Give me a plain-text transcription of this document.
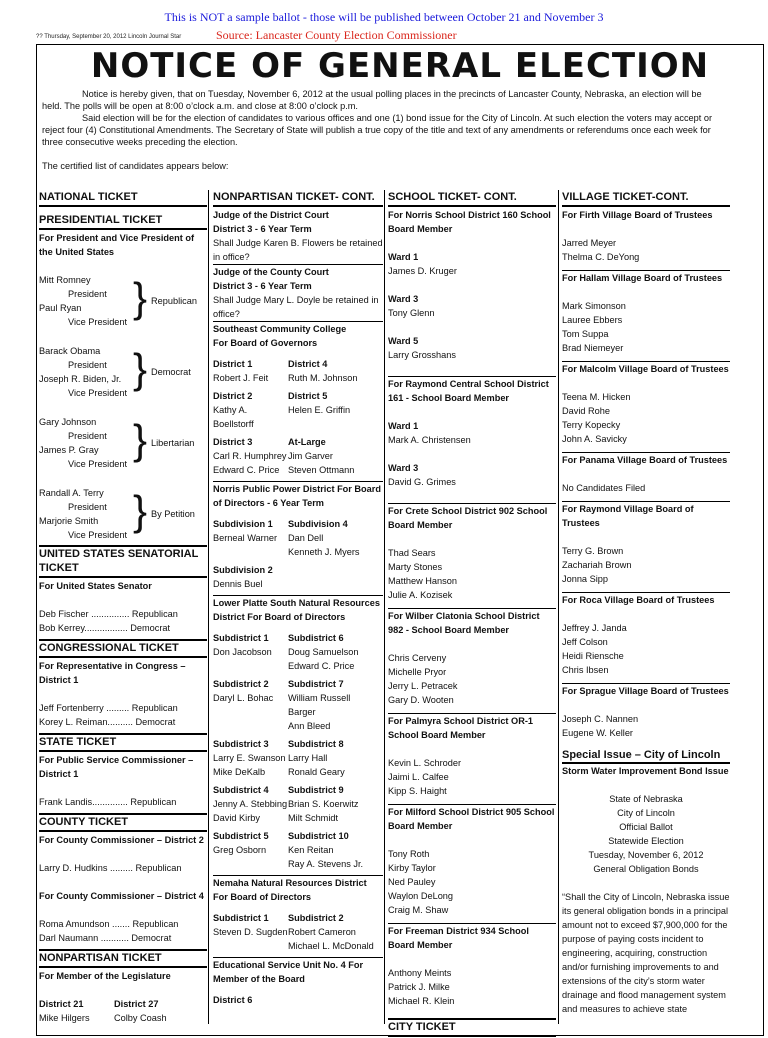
This is NOT a sample ballot - those will be published between October 21 and November 3
?? Thursday, September 20, 2012 Lincoln Journal Star	Source: Lancaster County Election Commissioner
NOTICE OF GENERAL ELECTION

Notice is hereby given, that on Tuesday, November 6, 2012 at the usual polling places in the precincts of Lancaster County, Nebraska, an election will be held. The polls will be open at 8:00 o’clock a.m. and close at 8:00 o’clock p.m.

Said election will be for the election of candidates to various offices and one (1) bond issue for the City of Lincoln. At such election the voters may accept or reject four (4) Constitutional Amendments. The Secretary of State will publish a true copy of the title and text of any amendments or referendums once each week for three consecutive weeks preceding the election.

The certified list of candidates appears below:

NATIONAL TICKET
PRESIDENTIAL TICKET
For President and Vice President of the United States
Mitt Romney
President
Paul Ryan
Vice President
} Republican
Barack Obama
President
Joseph R. Biden, Jr.
Vice President
} Democrat
Gary Johnson
President
James P. Gray
Vice President
} Libertarian
Randall A. Terry
President
Marjorie Smith
Vice President
} By Petition
UNITED STATES SENATORIAL TICKET
For United States Senator
Deb Fischer ............... Republican
Bob Kerrey................. Democrat
CONGRESSIONAL TICKET
For Representative in Congress – District 1
Jeff Fortenberry ......... Republican
Korey L. Reiman.......... Democrat
STATE TICKET
For Public Service Commissioner – District 1
Frank Landis.............. Republican
COUNTY TICKET
For County Commissioner – District 2
Larry D. Hudkins ......... Republican
For County Commissioner – District 4
Roma Amundson ....... Republican
Darl Naumann ........... Democrat
NONPARTISAN TICKET
For Member of the Legislature
District 21
Mike Hilgers
District 27
Colby Coash
NONPARTISAN TICKET- CONT.
Judge of the District Court
District 3 - 6 Year Term
Shall Judge Karen B. Flowers be retained in office?
Judge of the County Court
District 3 - 6 Year Term
Shall Judge Mary L. Doyle be retained in office?
Southeast Community College
For Board of Governors
District 1
Robert J. Feit
District 4
Ruth M. Johnson
District 2
Kathy A. Boellstorff
District 5
Helen E. Griffin
District 3
Carl R. Humphrey
Edward C. Price
At-Large
Jim Garver
Steven Ottmann
Norris Public Power District For Board of Directors - 6 Year Term
Subdivision 1
Berneal Warner
Subdivision 4
Dan Dell
Kenneth J. Myers
Subdivision 2
Dennis Buel
Lower Platte South Natural Resources District For Board of Directors
Subdistrict 1
Don Jacobson
Subdistrict 6
Doug Samuelson
Edward C. Price
Subdistrict 2
Daryl L. Bohac
Subdistrict 7
William Russell Barger
Ann Bleed
Subdistrict 3
Larry E. Swanson
Mike DeKalb
Subdistrict 8
Larry Hall
Ronald Geary
Subdistrict 4
Jenny A. Stebbing
David Kirby
Subdistrict 9
Brian S. Koerwitz
Milt Schmidt
Subdistrict 5
Greg Osborn
Subdistrict 10
Ken Reitan
Ray A. Stevens Jr.
Nemaha Natural Resources District For Board of Directors
Subdistrict 1
Steven D. Sugden
Subdistrict 2
Robert Cameron
Michael L. McDonald
Educational Service Unit No. 4 For Member of the Board
District 6
SCHOOL TICKET- CONT.
For Norris School District 160 School Board Member
Ward 1
James D. Kruger
Ward 3
Tony Glenn
Ward 5
Larry Grosshans
For Raymond Central School District 161 - School Board Member
Ward 1
Mark A. Christensen
Ward 3
David G. Grimes
For Crete School District 902 School Board Member
Thad Sears
Marty Stones
Matthew Hanson
Julie A. Kozisek
For Wilber Clatonia School District 982 - School Board Member
Chris Cerveny
Michelle Pryor
Jerry L. Petracek
Gary D. Wooten
For Palmyra School District OR-1 School Board Member
Kevin L. Schroder
Jaimi L. Calfee
Kipp S. Haight
For Milford School District 905 School Board Member
Tony Roth
Kirby Taylor
Ned Pauley
Waylon DeLong
Craig M. Shaw
For Freeman District 934 School Board Member
Anthony Meints
Patrick J. Milke
Michael R. Klein
CITY TICKET
VILLAGE TICKET-CONT.
For Firth Village Board of Trustees
Jarred Meyer
Thelma C. DeYong
For Hallam Village Board of Trustees
Mark Simonson
Lauree Ebbers
Tom Suppa
Brad Niemeyer
For Malcolm Village Board of Trustees
Teena M. Hicken
David Rohe
Terry Kopecky
John A. Savicky
For Panama Village Board of Trustees
No Candidates Filed
For Raymond Village Board of Trustees
Terry G. Brown
Zachariah Brown
Jonna Sipp
For Roca Village Board of Trustees
Jeffrey J. Janda
Jeff Colson
Heidi Riensche
Chris Ibsen
For Sprague Village Board of Trustees
Joseph C. Nannen
Eugene W. Keller
Special Issue – City of Lincoln
Storm Water Improvement Bond Issue
State of Nebraska
City of Lincoln
Official Ballot
Statewide Election
Tuesday, November 6, 2012
General Obligation Bonds
“Shall the City of Lincoln, Nebraska issue its general obligation bonds in a principal amount not to exceed $7,900,000 for the purpose of paying costs incident to engineering, acquiring, construction and/or furnishing improvements to and extensions of the city’s storm water drainage and flood management system and measures to achieve state
